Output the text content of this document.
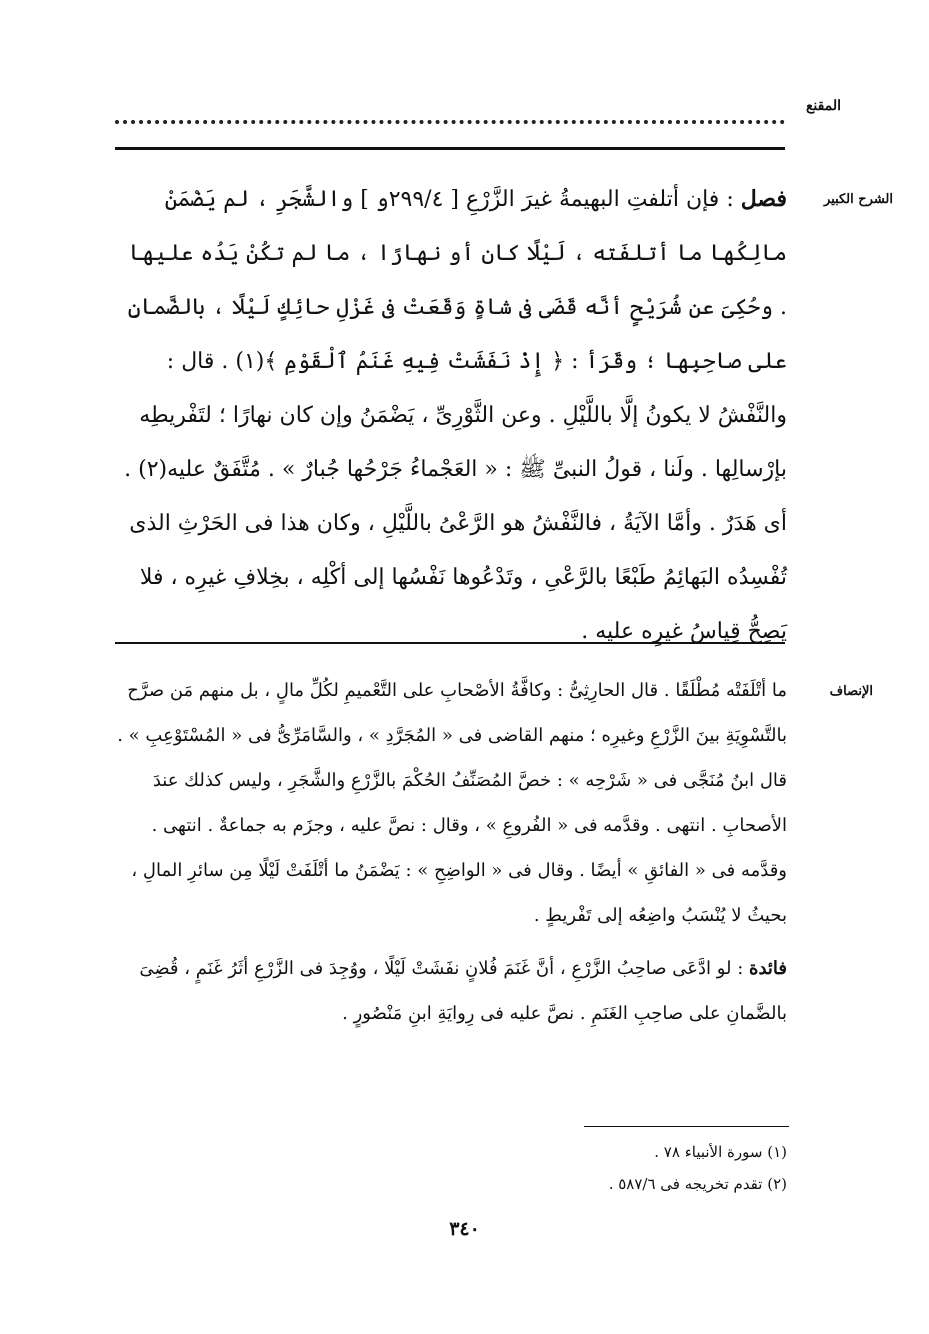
المقنع
الشرح الكبير

فصل : فإن أتلفتِ البهيمةُ غيرَ الزَّرْعِ [ ٢٩٩/٤و ] والشَّجَرِ ، لم يَضْمَنْ مالِكُها ما أتلفَته ، لَيْلًا كان أو نهارًا ، ما لم تكُنْ يَدُه عليها . وحُكِىَ عن شُرَيْحٍ أنَّه قَضَى فى شاةٍ وَقَعَتْ فى غَزْلِ حائِكٍ لَيْلًا ، بالضَّمانِ على صاحِبِها ؛ وقَرَأ : ﴿ إِذْ نَفَشَتْ فِيهِ غَنَمُ ٱلْقَوْمِ ﴾(١) . قال : والنَّفْشُ لا يكونُ إلَّا باللَّيْلِ . وعن الثَّوْرِىِّ ، يَضْمَنُ وإن كان نهارًا ؛ لتَفْريطِه بإرْسالِها . ولَنا ، قولُ النبىِّ ﷺ : « العَجْماءُ جَرْحُها جُبارٌ » . مُتَّفَقٌ عليه(٢) . أى هَدَرٌ . وأمَّا الآيَةُ ، فالنَّفْشُ هو الرَّعْىُ باللَّيْلِ ، وكان هذا فى الحَرْثِ الذى تُفْسِدُه البَهائِمُ طَبْعًا بالرَّعْىِ ، وتَدْعُوها نَفْسُها إلى أكْلِه ، بخِلافِ غيرِه ، فلا يَصِحُّ قِياسُ غيرِه عليه .

الإنصاف

ما أتْلَفَتْه مُطْلَقًا . قال الحارِثِىُّ : وكافَّةُ الأصْحابِ على التَّعْميمِ لكُلِّ مالٍ ، بل منهم مَن صرَّح بالتَّسْوِيَةِ بينَ الزَّرْعِ وغيرِه ؛ منهم القاضى فى « المُجَرَّدِ » ، والسَّامَرِّىُّ فى « المُسْتَوْعِبِ » . قال ابنُ مُنَجَّى فى « شَرْحِه » : خصَّ المُصَنِّفُ الحُكْمَ بالزَّرْعِ والشَّجَرِ ، وليس كذلك عندَ الأصحابِ . انتهى . وقدَّمه فى « الفُروعِ » ، وقال : نصَّ عليه ، وجزَم به جماعةٌ . انتهى . وقدَّمه فى « الفائقِ » أيضًا . وقال فى « الواضِحِ » : يَضْمَنُ ما أتْلَفَتْ لَيْلًا مِن سائرِ المالِ ، بحيثُ لا يُنْسَبُ واضِعُه إلى تَفْريطٍ .

فائدة : لو ادَّعَى صاحِبُ الزَّرْعِ ، أنَّ غَنَمَ فُلانٍ نفَشَتْ لَيْلًا ، ووُجِدَ فى الزَّرْعِ أثَرُ غَنَمٍ ، قُضِىَ بالضَّمانِ على صاحِبِ الغَنَمِ . نصَّ عليه فى رِوايَةِ ابنِ مَنْصُورٍ .

(١) سورة الأنبياء ٧٨ .

(٢) تقدم تخريجه فى ٥٨٧/٦ .

٣٤٠
